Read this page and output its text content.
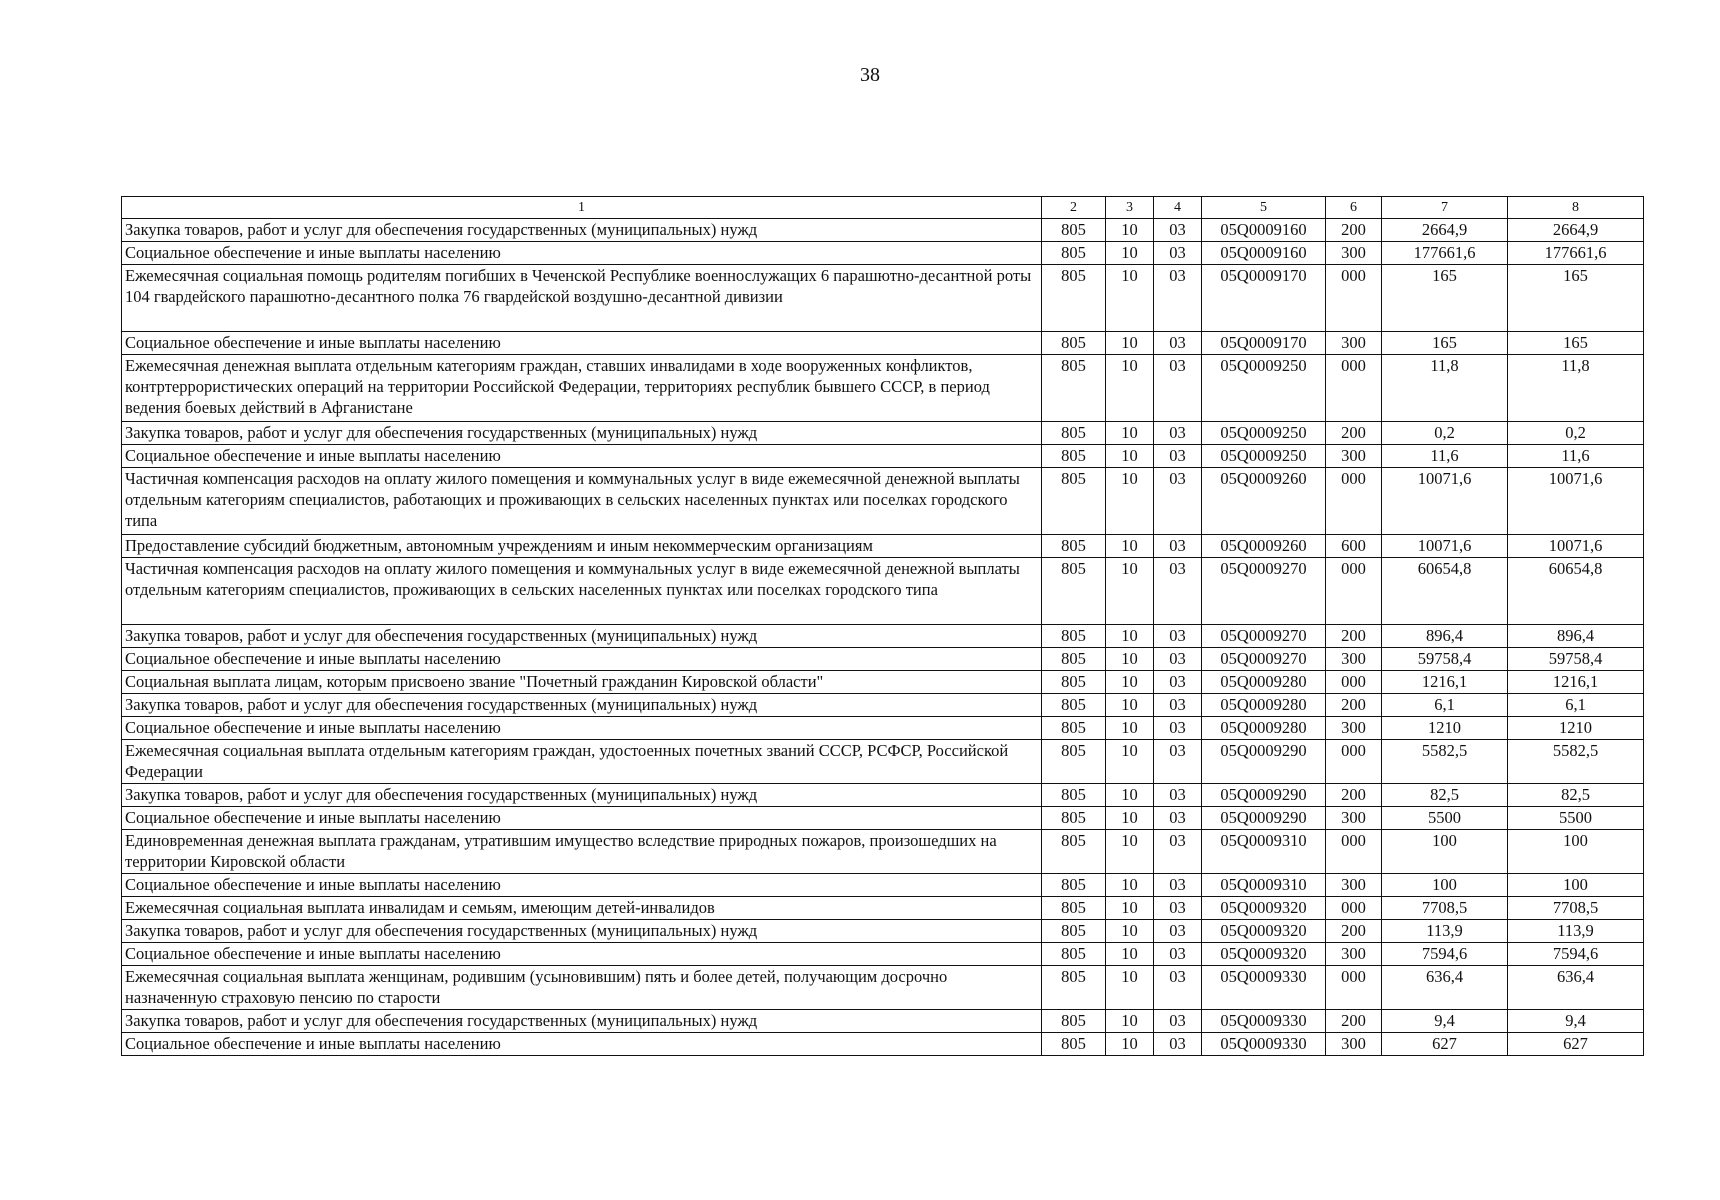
38
1	2	3	4	5	6	7	8
Закупка товаров, работ и услуг для обеспечения государственных (муниципальных) нужд	805	10	03	05Q0009160	200	2664,9	2664,9
Социальное обеспечение и иные выплаты населению	805	10	03	05Q0009160	300	177661,6	177661,6
Ежемесячная социальная помощь родителям погибших в Чеченской Республике военнослужащих 6 парашютно-десантной роты 104 гвардейского парашютно-десантного полка 76 гвардейской воздушно-десантной дивизии	805	10	03	05Q0009170	000	165	165
Социальное обеспечение и иные выплаты населению	805	10	03	05Q0009170	300	165	165
Ежемесячная денежная выплата отдельным категориям граждан, ставших инвалидами в ходе вооруженных конфликтов, контртеррористических операций на территории Российской Федерации, территориях республик бывшего СССР, в период ведения боевых действий в Афганистане	805	10	03	05Q0009250	000	11,8	11,8
Закупка товаров, работ и услуг для обеспечения государственных (муниципальных) нужд	805	10	03	05Q0009250	200	0,2	0,2
Социальное обеспечение и иные выплаты населению	805	10	03	05Q0009250	300	11,6	11,6
Частичная компенсация расходов на оплату жилого помещения и коммунальных услуг в виде ежемесячной денежной выплаты отдельным категориям специалистов, работающих и проживающих в сельских населенных пунктах или поселках городского типа	805	10	03	05Q0009260	000	10071,6	10071,6
Предоставление субсидий бюджетным, автономным учреждениям и иным некоммерческим организациям	805	10	03	05Q0009260	600	10071,6	10071,6
Частичная компенсация расходов на оплату жилого помещения и коммунальных услуг в виде ежемесячной денежной выплаты отдельным категориям специалистов, проживающих в сельских населенных пунктах или поселках городского типа	805	10	03	05Q0009270	000	60654,8	60654,8
Закупка товаров, работ и услуг для обеспечения государственных (муниципальных) нужд	805	10	03	05Q0009270	200	896,4	896,4
Социальное обеспечение и иные выплаты населению	805	10	03	05Q0009270	300	59758,4	59758,4
Социальная выплата лицам, которым присвоено звание "Почетный гражданин Кировской области"	805	10	03	05Q0009280	000	1216,1	1216,1
Закупка товаров, работ и услуг для обеспечения государственных (муниципальных) нужд	805	10	03	05Q0009280	200	6,1	6,1
Социальное обеспечение и иные выплаты населению	805	10	03	05Q0009280	300	1210	1210
Ежемесячная социальная выплата отдельным категориям граждан, удостоенных почетных званий СССР, РСФСР, Российской Федерации	805	10	03	05Q0009290	000	5582,5	5582,5
Закупка товаров, работ и услуг для обеспечения государственных (муниципальных) нужд	805	10	03	05Q0009290	200	82,5	82,5
Социальное обеспечение и иные выплаты населению	805	10	03	05Q0009290	300	5500	5500
Единовременная денежная выплата гражданам, утратившим имущество вследствие природных пожаров, произошедших на территории Кировской области	805	10	03	05Q0009310	000	100	100
Социальное обеспечение и иные выплаты населению	805	10	03	05Q0009310	300	100	100
Ежемесячная социальная выплата инвалидам и семьям, имеющим детей-инвалидов	805	10	03	05Q0009320	000	7708,5	7708,5
Закупка товаров, работ и услуг для обеспечения государственных (муниципальных) нужд	805	10	03	05Q0009320	200	113,9	113,9
Социальное обеспечение и иные выплаты населению	805	10	03	05Q0009320	300	7594,6	7594,6
Ежемесячная социальная выплата женщинам, родившим (усыновившим) пять и более детей, получающим досрочно назначенную страховую пенсию по старости	805	10	03	05Q0009330	000	636,4	636,4
Закупка товаров, работ и услуг для обеспечения государственных (муниципальных) нужд	805	10	03	05Q0009330	200	9,4	9,4
Социальное обеспечение и иные выплаты населению	805	10	03	05Q0009330	300	627	627
